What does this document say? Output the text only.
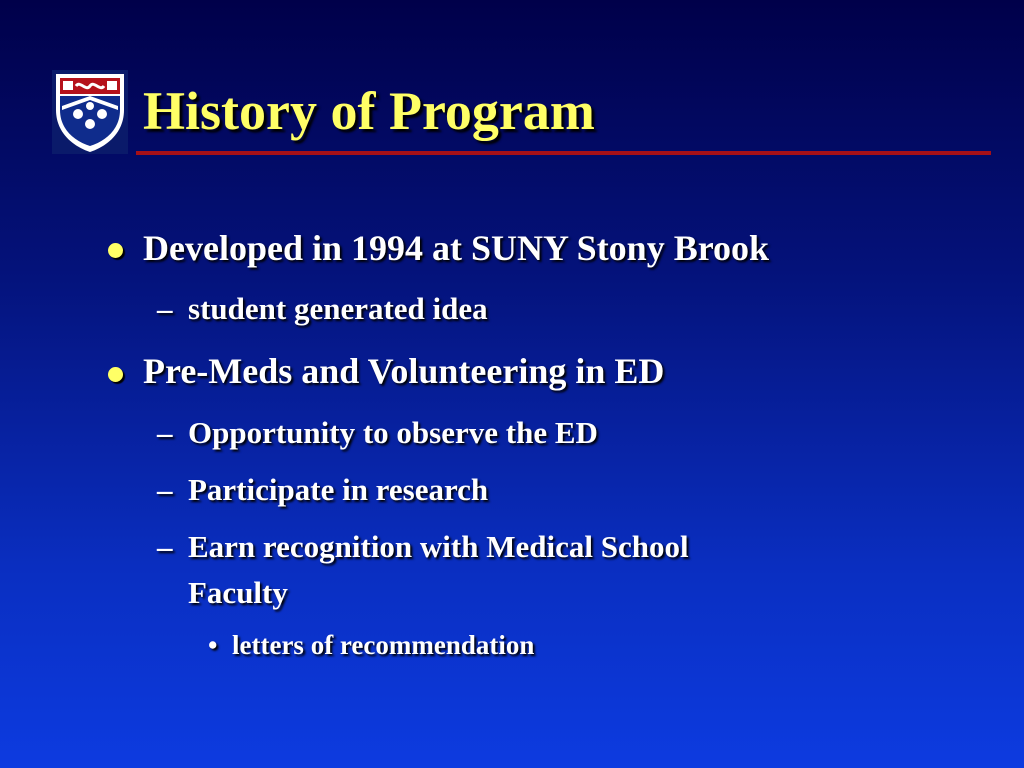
History of Program
Developed in 1994 at SUNY Stony Brook
– student generated idea
Pre-Meds and Volunteering in ED
– Opportunity to observe the ED
– Participate in research
– Earn recognition with Medical School
Faculty
• letters of recommendation
